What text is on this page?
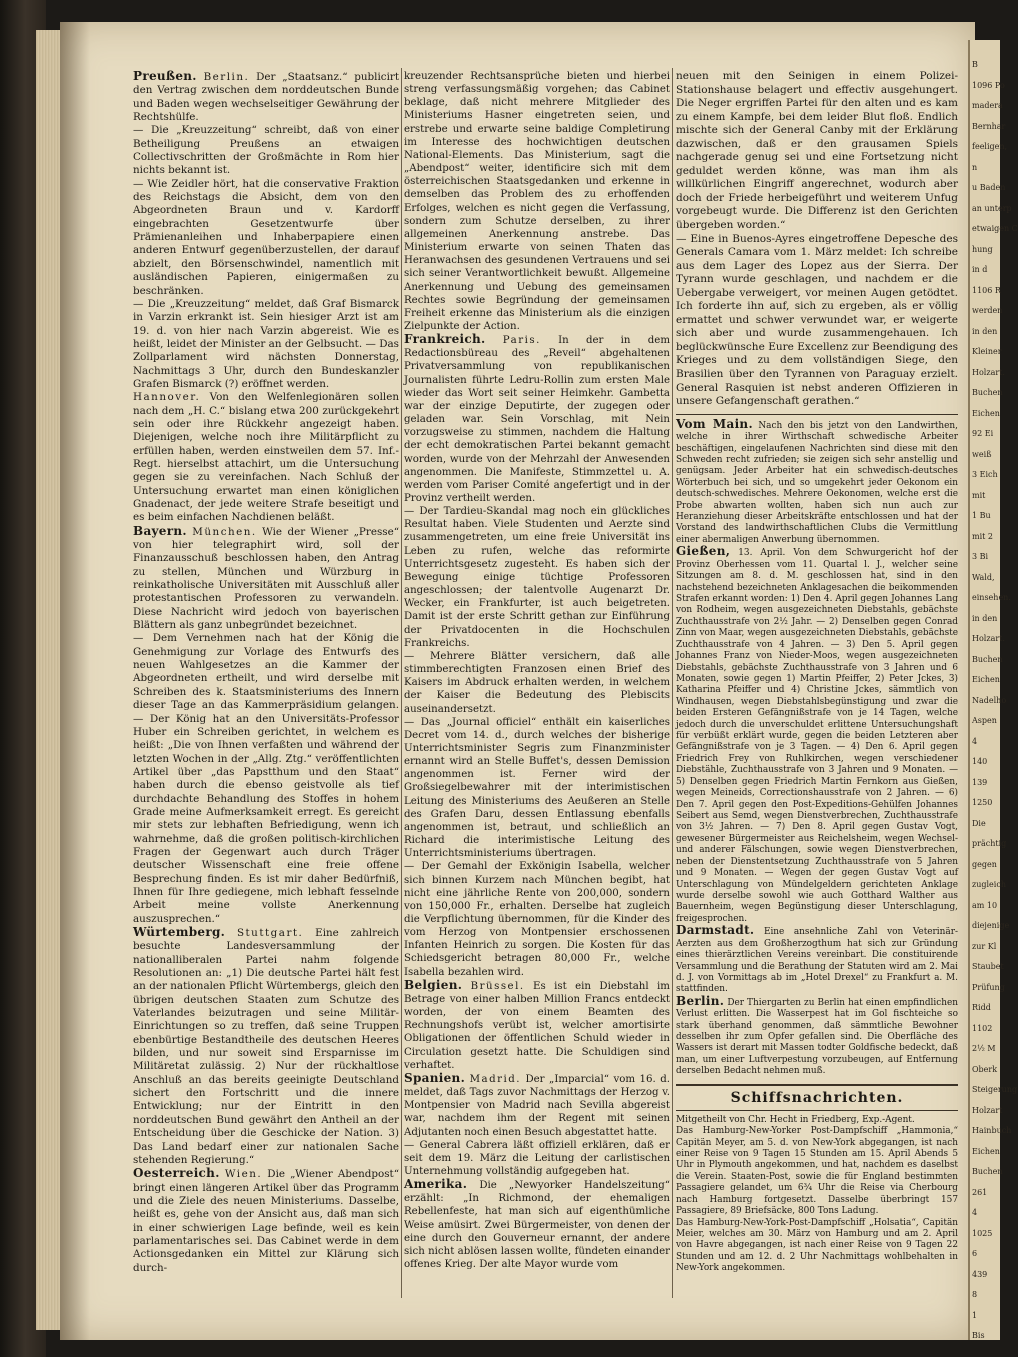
B
1096 Po
madera
Bernhar
feeligen,
n
u Baden
an unterp
etwaigen C
hung
in d
1106 R
werden
in den
Kleiner
Holzart.
Buchen
Eichen
92 Ei
weiß
3 Eich
mit
1 Bu
mit 2
3 Bi
Wald,
einsehen.
in den
Holzart.
Buchen
Eichen
Nadelho
Aspen
4
140
139
1250
Die
prächtig
gegen
zugleich
am 10
diejenige
zur Kl
Staubet
Prüfung
Ridd
1102
2½ M
Oberk
Steigerung
Holzart
Hainbuch
Eichen
Buchen
261
4
1025
6
439
8
1
Bis

Preußen. Berlin. Der „Staatsanz.“ publicirt den Vertrag zwischen dem norddeutschen Bunde und Baden wegen wechselseitiger Gewährung der Rechtshülfe.

— Die „Kreuzzeitung“ schreibt, daß von einer Betheiligung Preußens an etwaigen Collectivschritten der Großmächte in Rom hier nichts bekannt ist.

— Wie Zeidler hört, hat die conservative Fraktion des Reichstags die Absicht, dem von den Abgeordneten Braun und v. Kardorff eingebrachten Gesetzentwurfe über Prämienanleihen und Inhaberpapiere einen anderen Entwurf gegenüberzustellen, der darauf abzielt, den Börsenschwindel, namentlich mit ausländischen Papieren, einigermaßen zu beschränken.

— Die „Kreuzzeitung“ meldet, daß Graf Bismarck in Varzin erkrankt ist. Sein hiesiger Arzt ist am 19. d. von hier nach Varzin abgereist. Wie es heißt, leidet der Minister an der Gelbsucht. — Das Zollparlament wird nächsten Donnerstag, Nachmittags 3 Uhr, durch den Bundeskanzler Grafen Bismarck (?) eröffnet werden.

Hannover. Von den Welfenlegionären sollen nach dem „H. C.“ bislang etwa 200 zurückgekehrt sein oder ihre Rückkehr angezeigt haben. Diejenigen, welche noch ihre Militärpflicht zu erfüllen haben, werden einstweilen dem 57. Inf.-Regt. hierselbst attachirt, um die Untersuchung gegen sie zu vereinfachen. Nach Schluß der Untersuchung erwartet man einen königlichen Gnadenact, der jede weitere Strafe beseitigt und es beim einfachen Nachdienen beläßt.

Bayern. München. Wie der Wiener „Presse“ von hier telegraphirt wird, soll der Finanzausschuß beschlossen haben, den Antrag zu stellen, München und Würzburg in reinkatholische Universitäten mit Ausschluß aller protestantischen Professoren zu verwandeln. Diese Nachricht wird jedoch von bayerischen Blättern als ganz unbegründet bezeichnet.

— Dem Vernehmen nach hat der König die Genehmigung zur Vorlage des Entwurfs des neuen Wahlgesetzes an die Kammer der Abgeordneten ertheilt, und wird derselbe mit Schreiben des k. Staatsministeriums des Innern dieser Tage an das Kammerpräsidium gelangen. — Der König hat an den Universitäts-Professor Huber ein Schreiben gerichtet, in welchem es heißt: „Die von Ihnen verfaßten und während der letzten Wochen in der „Allg. Ztg.“ veröffentlichten Artikel über „das Papstthum und den Staat“ haben durch die ebenso geistvolle als tief durchdachte Behandlung des Stoffes in hohem Grade meine Aufmerksamkeit erregt. Es gereicht mir stets zur lebhaften Befriedigung, wenn ich wahrnehme, daß die großen politisch-kirchlichen Fragen der Gegenwart auch durch Träger deutscher Wissenschaft eine freie offene Besprechung finden. Es ist mir daher Bedürfniß, Ihnen für Ihre gediegene, mich lebhaft fesselnde Arbeit meine vollste Anerkennung auszusprechen.“

Würtemberg. Stuttgart. Eine zahlreich besuchte Landesversammlung der nationalliberalen Partei nahm folgende Resolutionen an: „1) Die deutsche Partei hält fest an der nationalen Pflicht Würtembergs, gleich den übrigen deutschen Staaten zum Schutze des Vaterlandes beizutragen und seine Militär-Einrichtungen so zu treffen, daß seine Truppen ebenbürtige Bestandtheile des deutschen Heeres bilden, und nur soweit sind Ersparnisse im Militäretat zulässig. 2) Nur der rückhaltlose Anschluß an das bereits geeinigte Deutschland sichert den Fortschritt und die innere Entwicklung; nur der Eintritt in den norddeutschen Bund gewährt den Antheil an der Entscheidung über die Geschicke der Nation. 3) Das Land bedarf einer zur nationalen Sache stehenden Regierung.“

Oesterreich. Wien. Die „Wiener Abendpost“ bringt einen längeren Artikel über das Programm und die Ziele des neuen Ministeriums. Dasselbe, heißt es, gehe von der Ansicht aus, daß man sich in einer schwierigen Lage befinde, weil es kein parlamentarisches sei. Das Cabinet werde in dem Actionsgedanken ein Mittel zur Klärung sich durch-

kreuzender Rechtsansprüche bieten und hierbei streng verfassungsmäßig vorgehen; das Cabinet beklage, daß nicht mehrere Mitglieder des Ministeriums Hasner eingetreten seien, und erstrebe und erwarte seine baldige Completirung im Interesse des hochwichtigen deutschen National-Elements. Das Ministerium, sagt die „Abendpost“ weiter, identificire sich mit dem österreichischen Staatsgedanken und erkenne in demselben das Problem des zu erhoffenden Erfolges, welchen es nicht gegen die Verfassung, sondern zum Schutze derselben, zu ihrer allgemeinen Anerkennung anstrebe. Das Ministerium erwarte von seinen Thaten das Heranwachsen des gesundenen Vertrauens und sei sich seiner Verantwortlichkeit bewußt. Allgemeine Anerkennung und Uebung des gemeinsamen Rechtes sowie Begründung der gemeinsamen Freiheit erkenne das Ministerium als die einzigen Zielpunkte der Action.

Frankreich. Paris. In der in dem Redactionsbüreau des „Reveil“ abgehaltenen Privatversammlung von republikanischen Journalisten führte Ledru-Rollin zum ersten Male wieder das Wort seit seiner Heimkehr. Gambetta war der einzige Deputirte, der zugegen oder geladen war. Sein Vorschlag, mit Nein vorzugsweise zu stimmen, nachdem die Haltung der echt demokratischen Partei bekannt gemacht worden, wurde von der Mehrzahl der Anwesenden angenommen. Die Manifeste, Stimmzettel u. A. werden vom Pariser Comité angefertigt und in der Provinz vertheilt werden.

— Der Tardieu-Skandal mag noch ein glückliches Resultat haben. Viele Studenten und Aerzte sind zusammengetreten, um eine freie Universität ins Leben zu rufen, welche das reformirte Unterrichtsgesetz zugesteht. Es haben sich der Bewegung einige tüchtige Professoren angeschlossen; der talentvolle Augenarzt Dr. Wecker, ein Frankfurter, ist auch beigetreten. Damit ist der erste Schritt gethan zur Einführung der Privatdocenten in die Hochschulen Frankreichs.

— Mehrere Blätter versichern, daß alle stimmberechtigten Franzosen einen Brief des Kaisers im Abdruck erhalten werden, in welchem der Kaiser die Bedeutung des Plebiscits auseinandersetzt.

— Das „Journal officiel“ enthält ein kaiserliches Decret vom 14. d., durch welches der bisherige Unterrichtsminister Segris zum Finanzminister ernannt wird an Stelle Buffet's, dessen Demission angenommen ist. Ferner wird der Großsiegelbewahrer mit der interimistischen Leitung des Ministeriums des Aeußeren an Stelle des Grafen Daru, dessen Entlassung ebenfalls angenommen ist, betraut, und schließlich an Richard die interimistische Leitung des Unterrichtsministeriums übertragen.

— Der Gemahl der Exkönigin Isabella, welcher sich binnen Kurzem nach München begibt, hat nicht eine jährliche Rente von 200,000, sondern von 150,000 Fr., erhalten. Derselbe hat zugleich die Verpflichtung übernommen, für die Kinder des vom Herzog von Montpensier erschossenen Infanten Heinrich zu sorgen. Die Kosten für das Schiedsgericht betragen 80,000 Fr., welche Isabella bezahlen wird.

Belgien. Brüssel. Es ist ein Diebstahl im Betrage von einer halben Million Francs entdeckt worden, der von einem Beamten des Rechnungshofs verübt ist, welcher amortisirte Obligationen der öffentlichen Schuld wieder in Circulation gesetzt hatte. Die Schuldigen sind verhaftet.

Spanien. Madrid. Der „Imparcial“ vom 16. d. meldet, daß Tags zuvor Nachmittags der Herzog v. Montpensier von Madrid nach Sevilla abgereist war, nachdem ihm der Regent mit seinen Adjutanten noch einen Besuch abgestattet hatte.

— General Cabrera läßt offiziell erklären, daß er seit dem 19. März die Leitung der carlistischen Unternehmung vollständig aufgegeben hat.

Amerika. Die „Newyorker Handelszeitung“ erzählt: „In Richmond, der ehemaligen Rebellenfeste, hat man sich auf eigenthümliche Weise amüsirt. Zwei Bürgermeister, von denen der eine durch den Gouverneur ernannt, der andere sich nicht ablösen lassen wollte, fündeten einander offenes Krieg. Der alte Mayor wurde vom

neuen mit den Seinigen in einem Polizei-Stationshause belagert und effectiv ausgehungert. Die Neger ergriffen Partei für den alten und es kam zu einem Kampfe, bei dem leider Blut floß. Endlich mischte sich der General Canby mit der Erklärung dazwischen, daß er den grausamen Spiels nachgerade genug sei und eine Fortsetzung nicht geduldet werden könne, was man ihm als willkürlichen Eingriff angerechnet, wodurch aber doch der Friede herbeigeführt und weiterem Unfug vorgebeugt wurde. Die Differenz ist den Gerichten übergeben worden.“

— Eine in Buenos-Ayres eingetroffene Depesche des Generals Camara vom 1. März meldet: Ich schreibe aus dem Lager des Lopez aus der Sierra. Der Tyrann wurde geschlagen, und nachdem er die Uebergabe verweigert, vor meinen Augen getödtet. Ich forderte ihn auf, sich zu ergeben, als er völlig ermattet und schwer verwundet war, er weigerte sich aber und wurde zusammengehauen. Ich beglückwünsche Eure Excellenz zur Beendigung des Krieges und zu dem vollständigen Siege, den Brasilien über den Tyrannen von Paraguay erzielt. General Rasquien ist nebst anderen Offizieren in unsere Gefangenschaft gerathen.“

Vom Main. Nach den bis jetzt von den Landwirthen, welche in ihrer Wirthschaft schwedische Arbeiter beschäftigen, eingelaufenen Nachrichten sind diese mit den Schweden recht zufrieden; sie zeigen sich sehr anstellig und genügsam. Jeder Arbeiter hat ein schwedisch-deutsches Wörterbuch bei sich, und so umgekehrt jeder Oekonom ein deutsch-schwedisches. Mehrere Oekonomen, welche erst die Probe abwarten wollten, haben sich nun auch zur Heranziehung dieser Arbeitskräfte entschlossen und hat der Vorstand des landwirthschaftlichen Clubs die Vermittlung einer abermaligen Anwerbung übernommen.

Gießen, 13. April. Von dem Schwurgericht hof der Provinz Oberhessen vom 11. Quartal l. J., welcher seine Sitzungen am 8. d. M. geschlossen hat, sind in den nachstehend bezeichneten Anklagesachen die beikommenden Strafen erkannt worden: 1) Den 4. April gegen Johannes Lang von Rodheim, wegen ausgezeichneten Diebstahls, gebächste Zuchthausstrafe von 2½ Jahr. — 2) Denselben gegen Conrad Zinn von Maar, wegen ausgezeichneten Diebstahls, gebächste Zuchthausstrafe von 4 Jahren. — 3) Den 5. April gegen Johannes Franz von Nieder-Moos, wegen ausgezeichneten Diebstahls, gebächste Zuchthausstrafe von 3 Jahren und 6 Monaten, sowie gegen 1) Martin Pfeiffer, 2) Peter Jckes, 3) Katharina Pfeiffer und 4) Christine Jckes, sämmtlich von Windhausen, wegen Diebstahlsbegünstigung und zwar die beiden Ersteren Gefängnißstrafe von je 14 Tagen, welche jedoch durch die unverschuldet erlittene Untersuchungshaft für verbüßt erklärt wurde, gegen die beiden Letzteren aber Gefängnißstrafe von je 3 Tagen. — 4) Den 6. April gegen Friedrich Frey von Ruhlkirchen, wegen verschiedener Diebstähle, Zuchthausstrafe von 3 Jahren und 9 Monaten. — 5) Denselben gegen Friedrich Martin Fernkorn aus Gießen, wegen Meineids, Correctionshausstrafe von 2 Jahren. — 6) Den 7. April gegen den Post-Expeditions-Gehülfen Johannes Seibert aus Semd, wegen Dienstverbrechen, Zuchthausstrafe von 3½ Jahren. — 7) Den 8. April gegen Gustav Vogt, gewesener Bürgermeister aus Reichelsheim, wegen Wechsel- und anderer Fälschungen, sowie wegen Dienstverbrechen, neben der Dienstentsetzung Zuchthausstrafe von 5 Jahren und 9 Monaten. — Wegen der gegen Gustav Vogt auf Unterschlagung von Mündelgeldern gerichteten Anklage wurde derselbe sowohl wie auch Gotthard Walther aus Bauernheim, wegen Begünstigung dieser Unterschlagung, freigesprochen.

Darmstadt. Eine ansehnliche Zahl von Veterinär-Aerzten aus dem Großherzogthum hat sich zur Gründung eines thierärztlichen Vereins vereinbart. Die constituirende Versammlung und die Berathung der Statuten wird am 2. Mai d. J. von Vormittags ab im „Hotel Drexel“ zu Frankfurt a. M. stattfinden.

Berlin. Der Thiergarten zu Berlin hat einen empfindlichen Verlust erlitten. Die Wasserpest hat im Gol fischteiche so stark überhand genommen, daß sämmtliche Bewohner desselben ihr zum Opfer gefallen sind. Die Oberfläche des Wassers ist derart mit Massen todter Goldfische bedeckt, daß man, um einer Luftverpestung vorzubeugen, auf Entfernung derselben Bedacht nehmen muß.

Schiffsnachrichten.

Mitgetheilt von Chr. Hecht in Friedberg, Exp.-Agent.

Das Hamburg-New-Yorker Post-Dampfschiff „Hammonia,“ Capitän Meyer, am 5. d. von New-York abgegangen, ist nach einer Reise von 9 Tagen 15 Stunden am 15. April Abends 5 Uhr in Plymouth angekommen, und hat, nachdem es daselbst die Verein. Staaten-Post, sowie die für England bestimmten Passagiere gelandet, um 6¾ Uhr die Reise via Cherbourg nach Hamburg fortgesetzt. Dasselbe überbringt 157 Passagiere, 89 Briefsäcke, 800 Tons Ladung.

Das Hamburg-New-York-Post-Dampfschiff „Holsatia“, Capitän Meier, welches am 30. März von Hamburg und am 2. April von Havre abgegangen, ist nach einer Reise von 9 Tagen 22 Stunden und am 12. d. 2 Uhr Nachmittags wohlbehalten in New-York angekommen.
